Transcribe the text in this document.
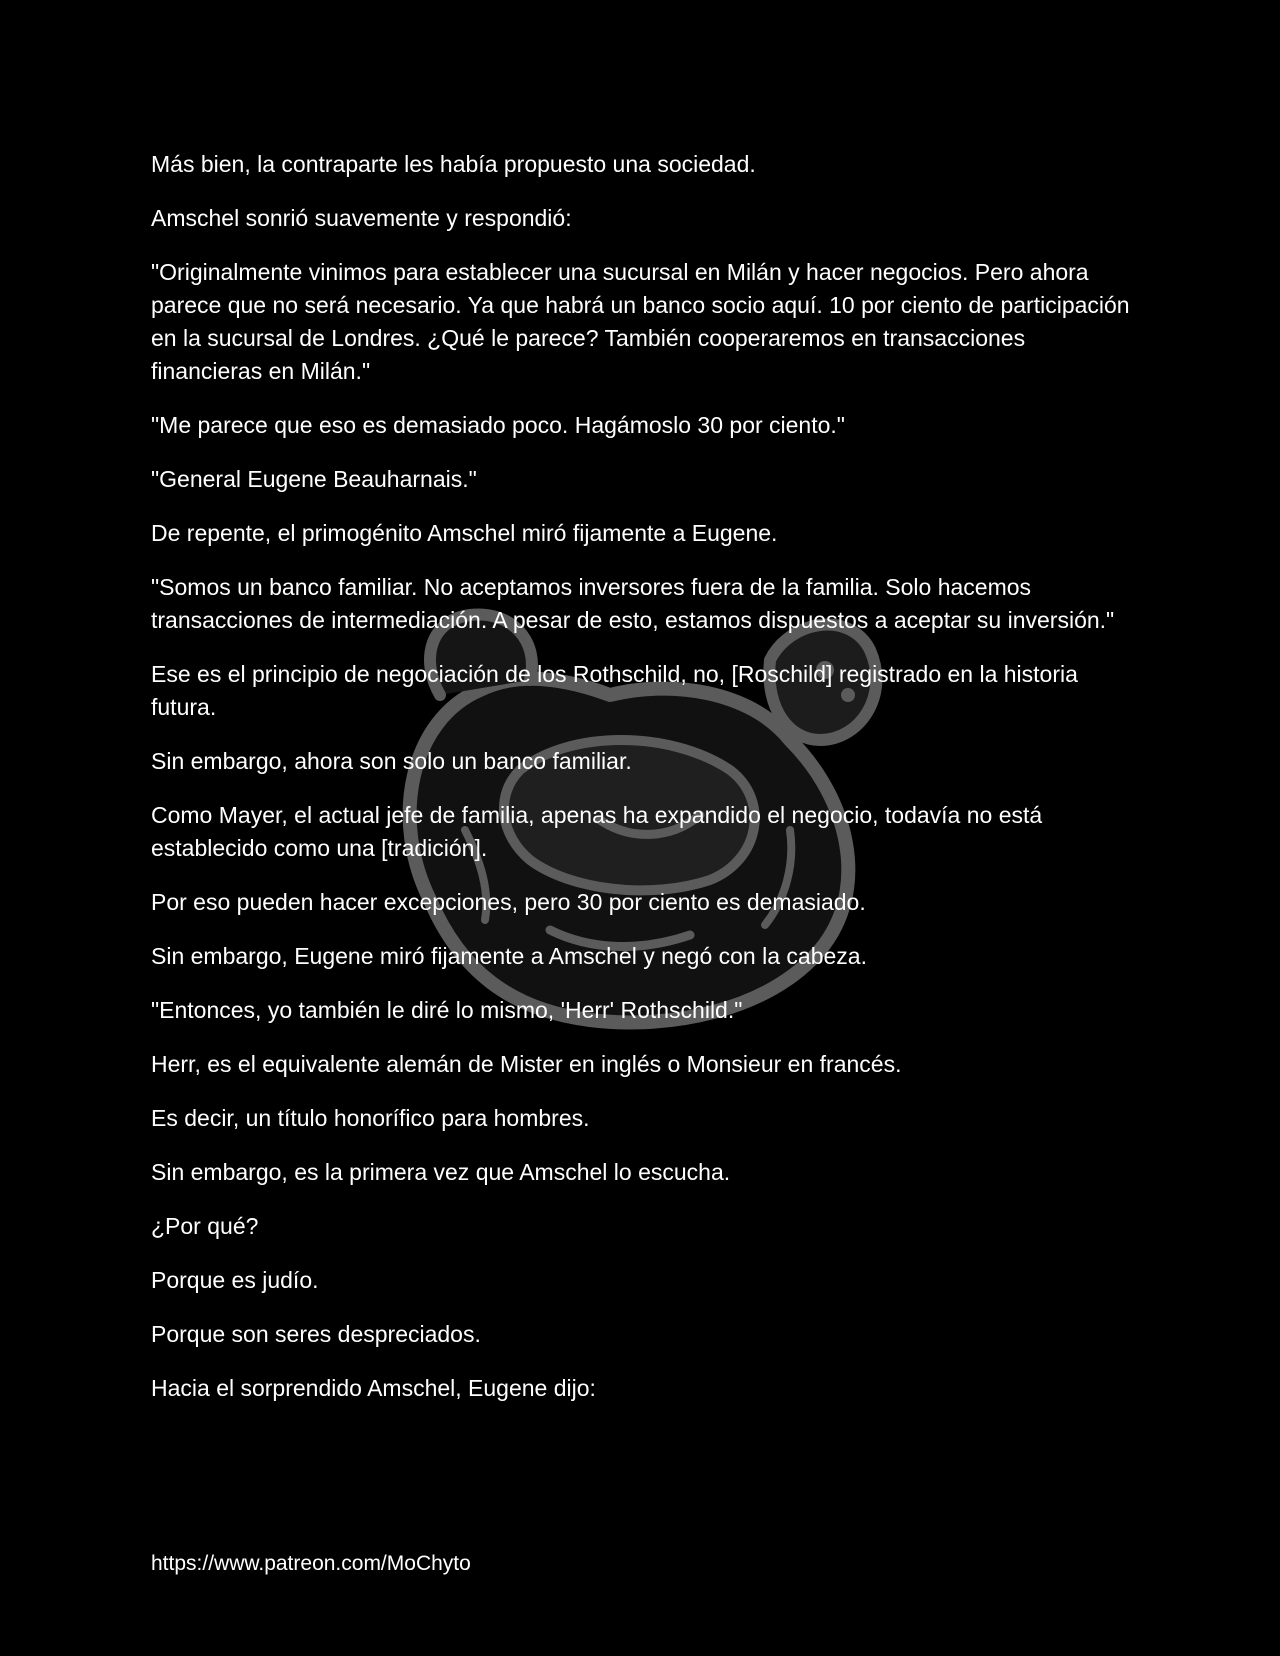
Más bien, la contraparte les había propuesto una sociedad.

Amschel sonrió suavemente y respondió:

"Originalmente vinimos para establecer una sucursal en Milán y hacer negocios. Pero ahora parece que no será necesario. Ya que habrá un banco socio aquí. 10 por ciento de participación en la sucursal de Londres. ¿Qué le parece? También cooperaremos en transacciones financieras en Milán."

"Me parece que eso es demasiado poco. Hagámoslo 30 por ciento."

"General Eugene Beauharnais."

De repente, el primogénito Amschel miró fijamente a Eugene.

"Somos un banco familiar. No aceptamos inversores fuera de la familia. Solo hacemos transacciones de intermediación. A pesar de esto, estamos dispuestos a aceptar su inversión."

Ese es el principio de negociación de los Rothschild, no, [Roschild] registrado en la historia futura.

Sin embargo, ahora son solo un banco familiar.

Como Mayer, el actual jefe de familia, apenas ha expandido el negocio, todavía no está establecido como una [tradición].

Por eso pueden hacer excepciones, pero 30 por ciento es demasiado.

Sin embargo, Eugene miró fijamente a Amschel y negó con la cabeza.

"Entonces, yo también le diré lo mismo, 'Herr' Rothschild."

Herr, es el equivalente alemán de Mister en inglés o Monsieur en francés.

Es decir, un título honorífico para hombres.

Sin embargo, es la primera vez que Amschel lo escucha.

¿Por qué?

Porque es judío.

Porque son seres despreciados.

Hacia el sorprendido Amschel, Eugene dijo:

https://www.patreon.com/MoChyto
